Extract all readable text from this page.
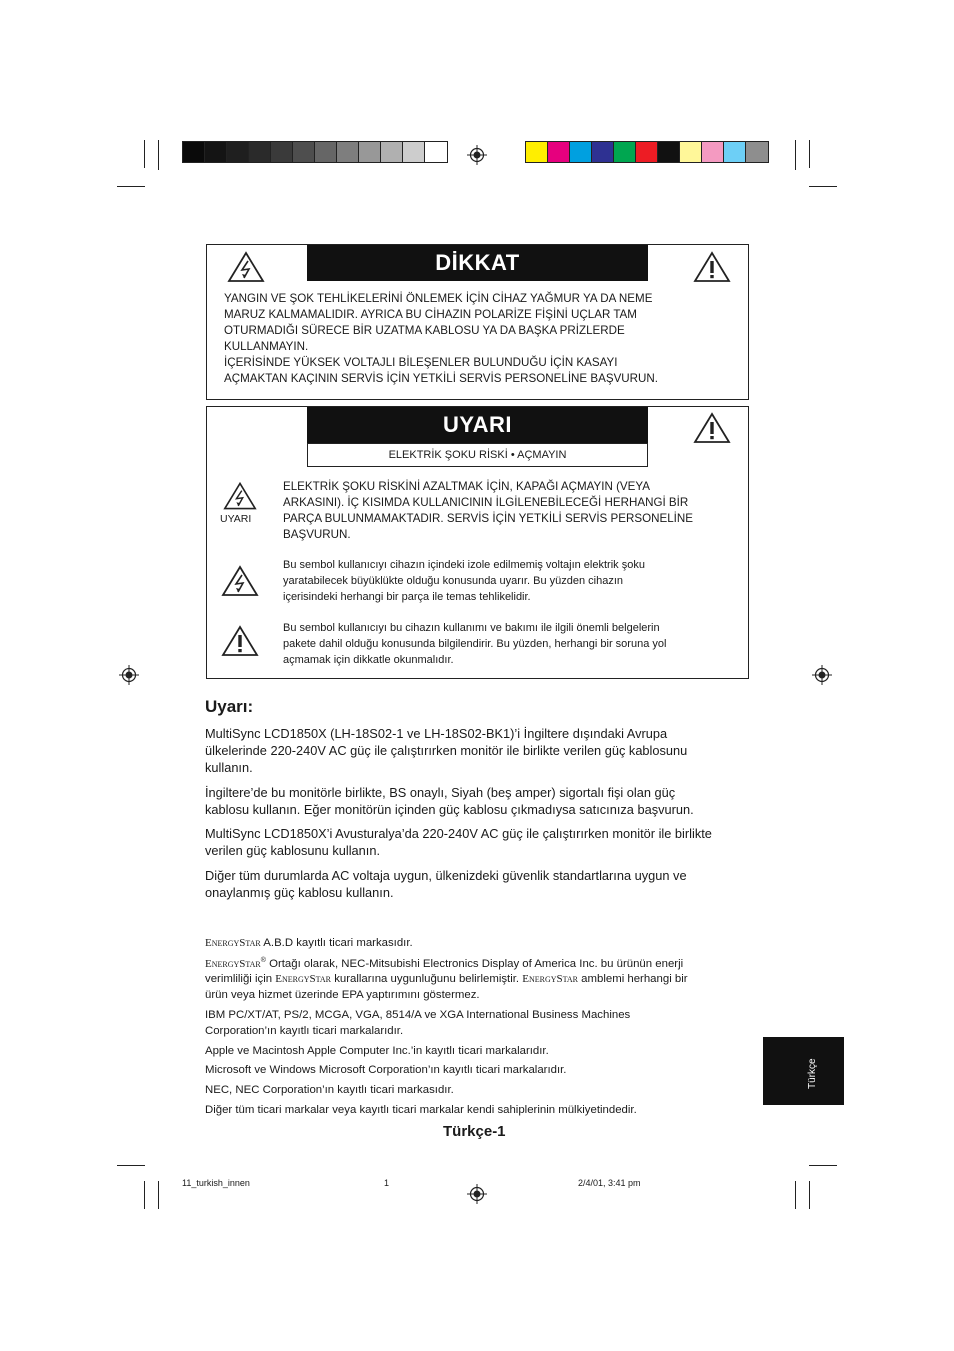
DİKKAT
YANGIN VE ŞOK TEHLİKELERİNİ ÖNLEMEK İÇİN CİHAZ YAĞMUR YA DA NEME
MARUZ KALMAMALIDIR. AYRICA BU CİHAZIN POLARİZE FİŞİNİ UÇLAR TAM
OTURMADIĞI SÜRECE BİR UZATMA KABLOSU YA DA BAŞKA PRİZLERDE
KULLANMAYIN.
İÇERİSİNDE YÜKSEK VOLTAJLI BİLEŞENLER BULUNDUĞU İÇİN KASAYI
AÇMAKTAN KAÇININ SERVİS İÇİN YETKİLİ SERVİS PERSONELİNE BAŞVURUN.
UYARI
ELEKTRİK ŞOKU RİSKİ • AÇMAYIN
UYARI
ELEKTRİK ŞOKU RİSKİNİ AZALTMAK İÇİN, KAPAĞI AÇMAYIN (VEYA
ARKASINI). İÇ KISIMDA KULLANICININ İLGİLENEBİLECEĞİ HERHANGİ BİR
PARÇA BULUNMAMAKTADIR. SERVİS İÇİN YETKİLİ SERVİS PERSONELİNE
BAŞVURUN.
Bu sembol kullanıcıyı cihazın içindeki izole edilmemiş voltajın elektrik şoku
yaratabilecek büyüklükte olduğu konusunda uyarır. Bu yüzden cihazın
içerisindeki herhangi bir parça ile temas tehlikelidir.
Bu sembol kullanıcıyı bu cihazın kullanımı ve bakımı ile ilgili önemli belgelerin
pakete dahil olduğu konusunda bilgilendirir. Bu yüzden, herhangi bir soruna yol
açmamak için dikkatle okunmalıdır.
Uyarı:
MultiSync LCD1850X (LH-18S02-1 ve LH-18S02-BK1)’i İngiltere dışındaki Avrupa
ülkelerinde 220-240V AC güç ile çalıştırırken monitör ile birlikte verilen güç kablosunu
kullanın.
İngiltere’de bu monitörle birlikte, BS onaylı, Siyah (beş amper) sigortalı fişi olan güç
kablosu kullanın. Eğer monitörün içinden güç kablosu çıkmadıysa satıcınıza başvurun.
MultiSync LCD1850X’i Avusturalya’da 220-240V AC güç ile çalıştırırken monitör ile birlikte
verilen güç kablosunu kullanın.
Diğer tüm durumlarda AC voltaja uygun, ülkenizdeki güvenlik standartlarına uygun ve
onaylanmış güç kablosu kullanın.
EnergyStar A.B.D kayıtlı ticari markasıdır.
EnergyStar® Ortağı olarak, NEC-Mitsubishi Electronics Display of America Inc. bu ürünün enerji
verimliliği için EnergyStar kurallarına uygunluğunu belirlemiştir. EnergyStar amblemi herhangi bir
ürün veya hizmet üzerinde EPA yaptırımını göstermez.
IBM PC/XT/AT, PS/2, MCGA, VGA, 8514/A ve XGA International Business Machines
Corporation’ın kayıtlı ticari markalarıdır.
Apple ve Macintosh Apple Computer Inc.’in kayıtlı ticari markalarıdır.
Microsoft ve Windows Microsoft Corporation’ın kayıtlı ticari markalarıdır.
NEC, NEC Corporation’ın kayıtlı ticari markasıdır.
Diğer tüm ticari markalar veya kayıtlı ticari markalar kendi sahiplerinin mülkiyetindedir.
Türkçe-1
Türkçe
11_turkish_innen	1	2/4/01, 3:41 pm
